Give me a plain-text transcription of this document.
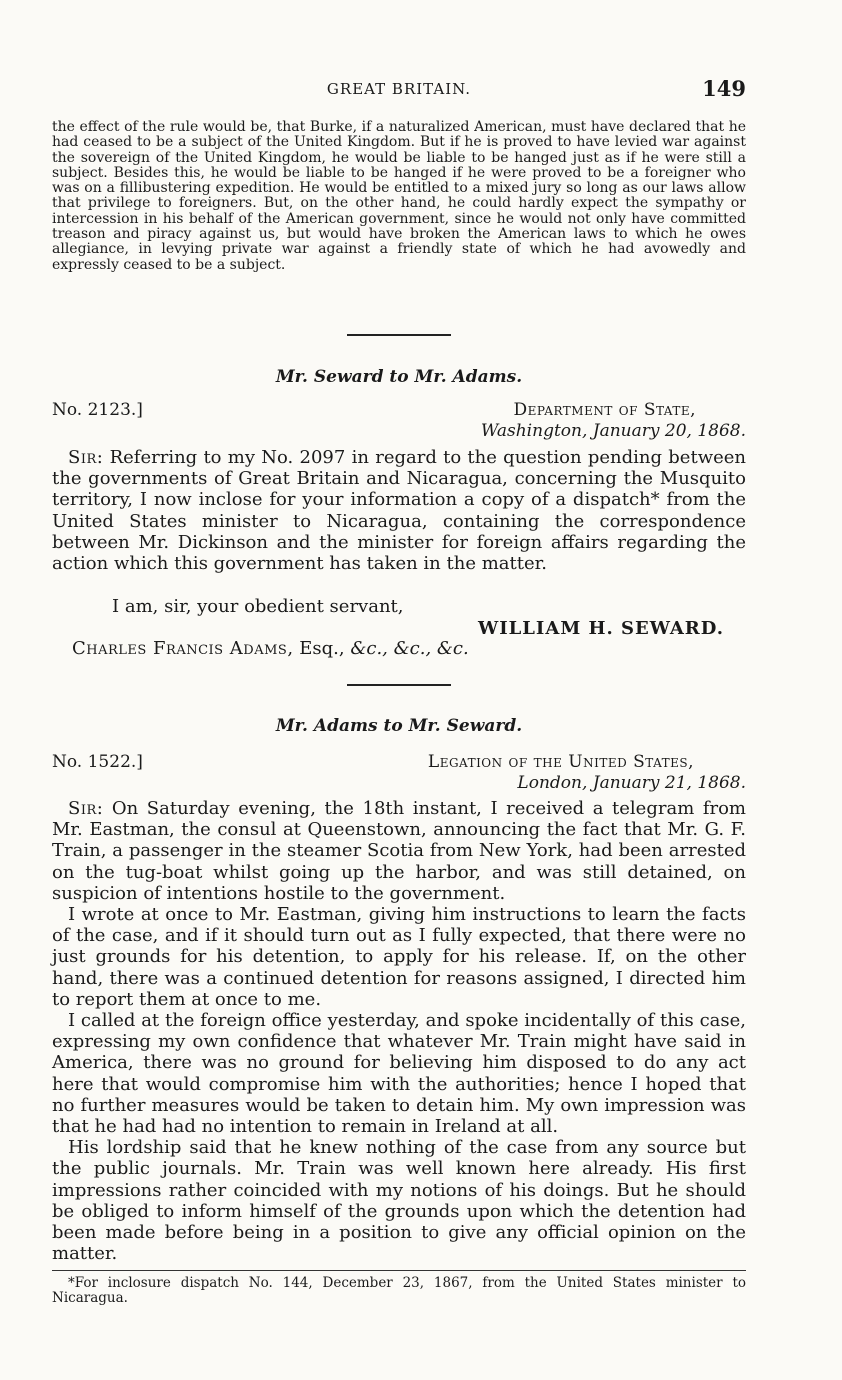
GREAT BRITAIN.	149
the effect of the rule would be, that Burke, if a naturalized American, must have declared that he had ceased to be a subject of the United Kingdom. But if he is proved to have levied war against the sovereign of the United Kingdom, he would be liable to be hanged just as if he were still a subject. Besides this, he would be liable to be hanged if he were proved to be a foreigner who was on a fillibustering expedition. He would be entitled to a mixed jury so long as our laws allow that privilege to foreigners. But, on the other hand, he could hardly expect the sympathy or intercession in his behalf of the American government, since he would not only have committed treason and piracy against us, but would have broken the American laws to which he owes allegiance, in levying private war against a friendly state of which he had avowedly and expressly ceased to be a subject.
Mr. Seward to Mr. Adams.
No. 2123.]	Department of State,
Washington, January 20, 1868.

Sir: Referring to my No. 2097 in regard to the question pending between the governments of Great Britain and Nicaragua, concerning the Musquito territory, I now inclose for your information a copy of a dispatch* from the United States minister to Nicaragua, containing the correspondence between Mr. Dickinson and the minister for foreign affairs regarding the action which this government has taken in the matter.

I am, sir, your obedient servant,
WILLIAM H. SEWARD.
Charles Francis Adams, Esq., &c., &c., &c.
Mr. Adams to Mr. Seward.
No. 1522.]	Legation of the United States,
London, January 21, 1868.

Sir: On Saturday evening, the 18th instant, I received a telegram from Mr. Eastman, the consul at Queenstown, announcing the fact that Mr. G. F. Train, a passenger in the steamer Scotia from New York, had been arrested on the tug-boat whilst going up the harbor, and was still detained, on suspicion of intentions hostile to the government.

I wrote at once to Mr. Eastman, giving him instructions to learn the facts of the case, and if it should turn out as I fully expected, that there were no just grounds for his detention, to apply for his release. If, on the other hand, there was a continued detention for reasons assigned, I directed him to report them at once to me.

I called at the foreign office yesterday, and spoke incidentally of this case, expressing my own confidence that whatever Mr. Train might have said in America, there was no ground for believing him disposed to do any act here that would compromise him with the authorities; hence I hoped that no further measures would be taken to detain him. My own impression was that he had had no intention to remain in Ireland at all.

His lordship said that he knew nothing of the case from any source but the public journals. Mr. Train was well known here already. His first impressions rather coincided with my notions of his doings. But he should be obliged to inform himself of the grounds upon which the detention had been made before being in a position to give any official opinion on the matter.

*For inclosure dispatch No. 144, December 23, 1867, from the United States minister to Nicaragua.
